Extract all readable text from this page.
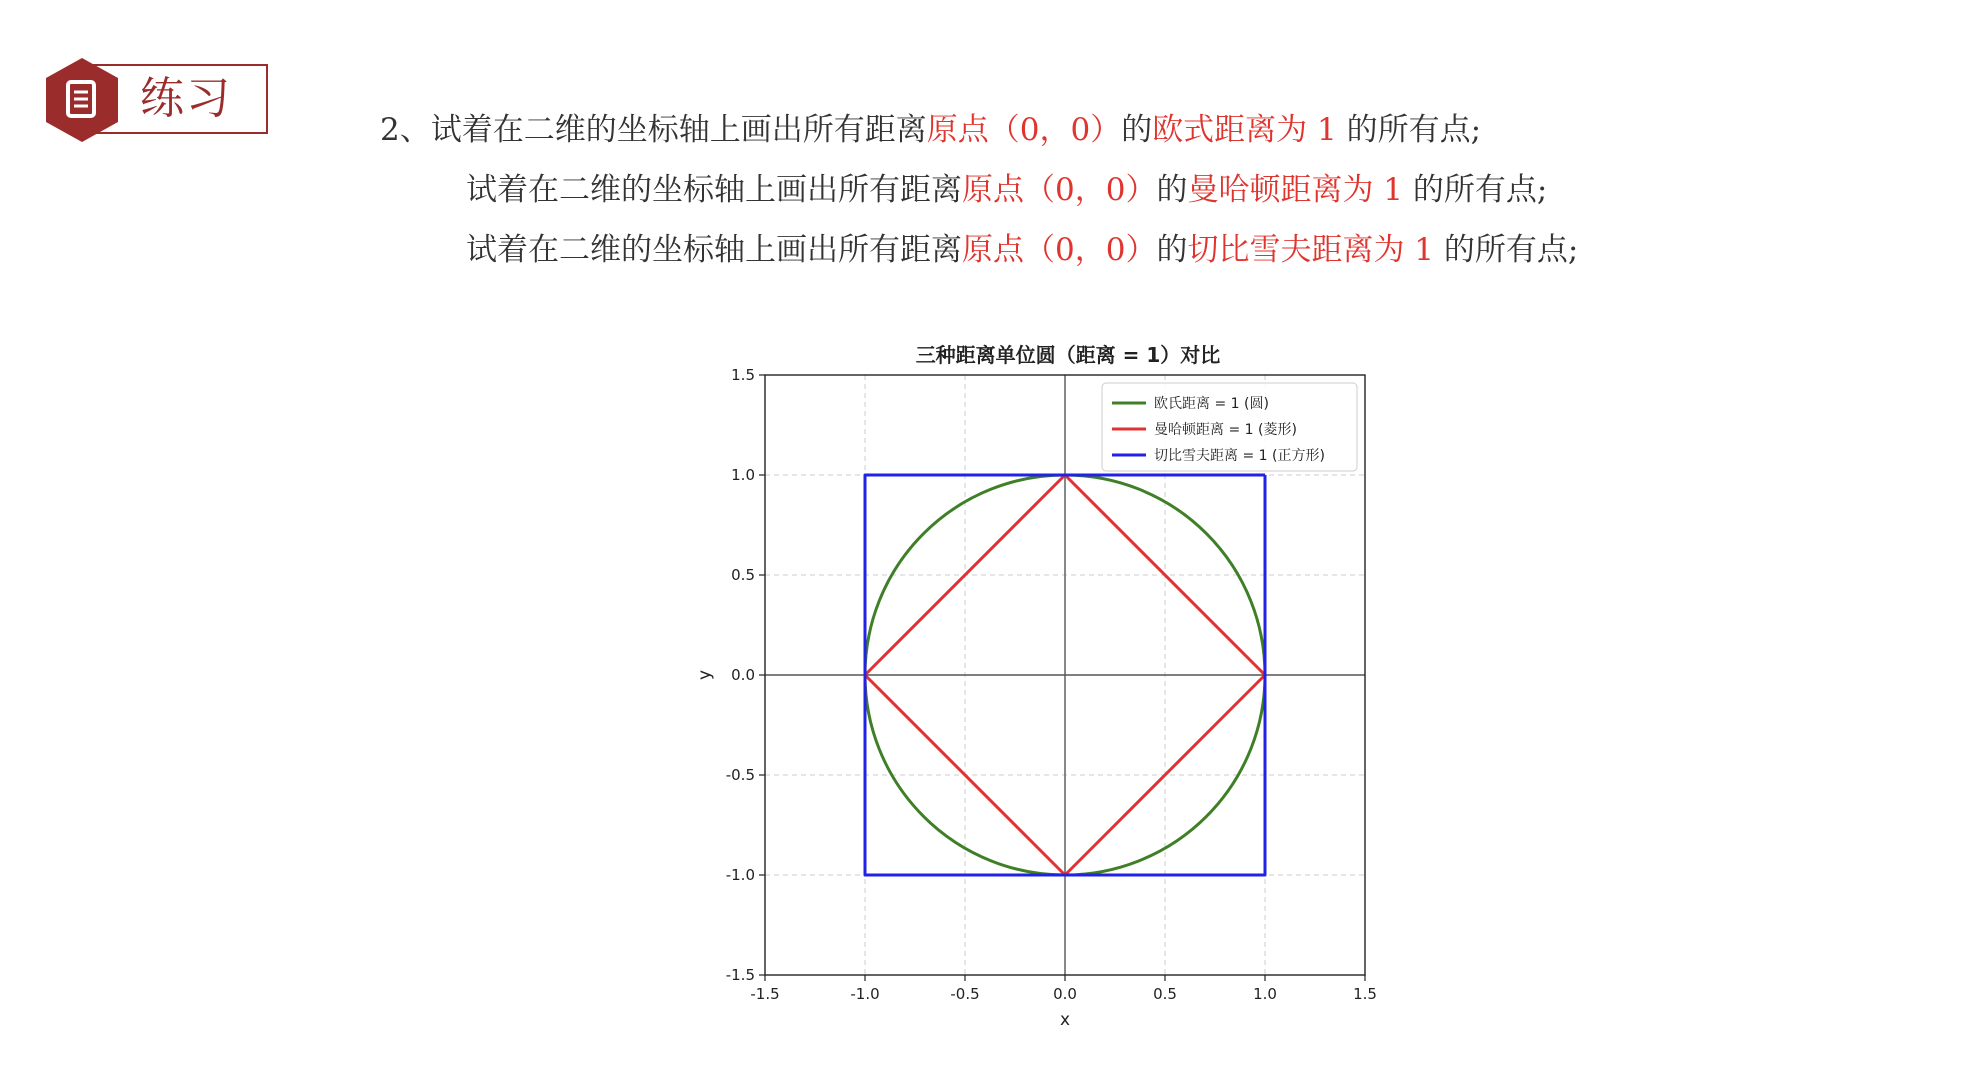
练习
2、试着在二维的坐标轴上画出所有距离原点（0，0）的欧式距离为 1 的所有点;
试着在二维的坐标轴上画出所有距离原点（0，0）的曼哈顿距离为 1 的所有点;
试着在二维的坐标轴上画出所有距离原点（0，0）的切比雪夫距离为 1 的所有点;
三种距离单位圆（距离 = 1）对比
-1.5	-1.0	-0.5	0.0	0.5	1.0	1.5
-1.5
-1.0
-0.5
0.0
0.5
1.0
1.5
x
y
欧氏距离 = 1 (圆)
曼哈顿距离 = 1 (菱形)
切比雪夫距离 = 1 (正方形)
